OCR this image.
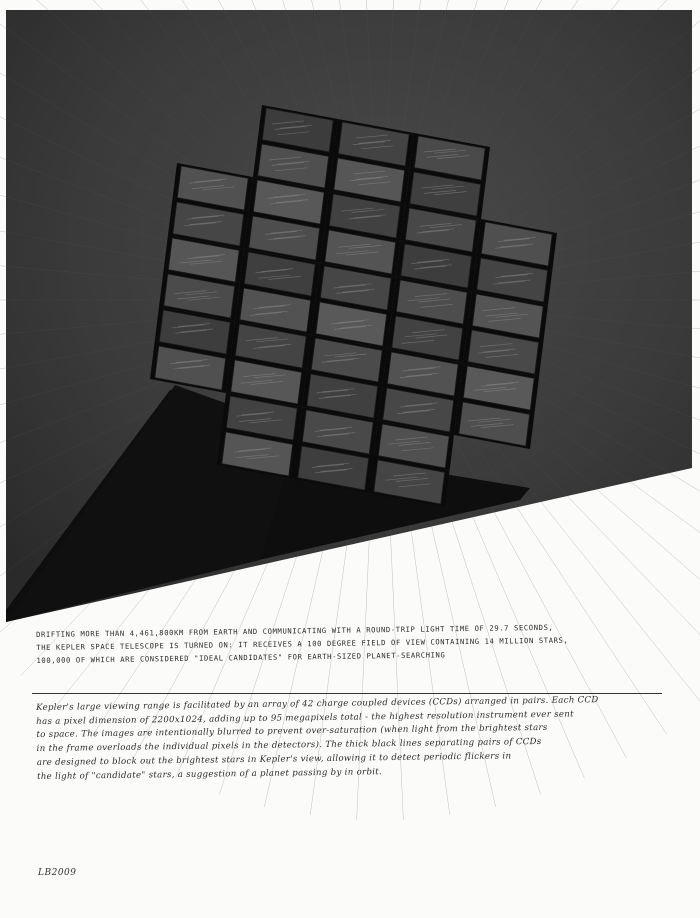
DRIFTING MORE THAN 4,461,800KM FROM EARTH AND COMMUNICATING WITH A ROUND-TRIP LIGHT TIME OF 29.7 SECONDS,
THE KEPLER SPACE TELESCOPE IS TURNED ON: IT RECEIVES A 100 DEGREE FIELD OF VIEW CONTAINING 14 MILLION STARS,
100,000 OF WHICH ARE CONSIDERED "IDEAL CANDIDATES" FOR EARTH-SIZED PLANET-SEARCHING
Kepler's large viewing range is facilitated by an array of 42 charge coupled devices (CCDs) arranged in pairs. Each CCD
has a pixel dimension of 2200x1024, adding up to 95 megapixels total - the highest resolution instrument ever sent
to space. The images are intentionally blurred to prevent over-saturation (when light from the brightest stars
in the frame overloads the individual pixels in the detectors). The thick black lines separating pairs of CCDs
are designed to block out the brightest stars in Kepler's view, allowing it to detect periodic flickers in
the light of "candidate" stars, a suggestion of a planet passing by in orbit.
LB2009
